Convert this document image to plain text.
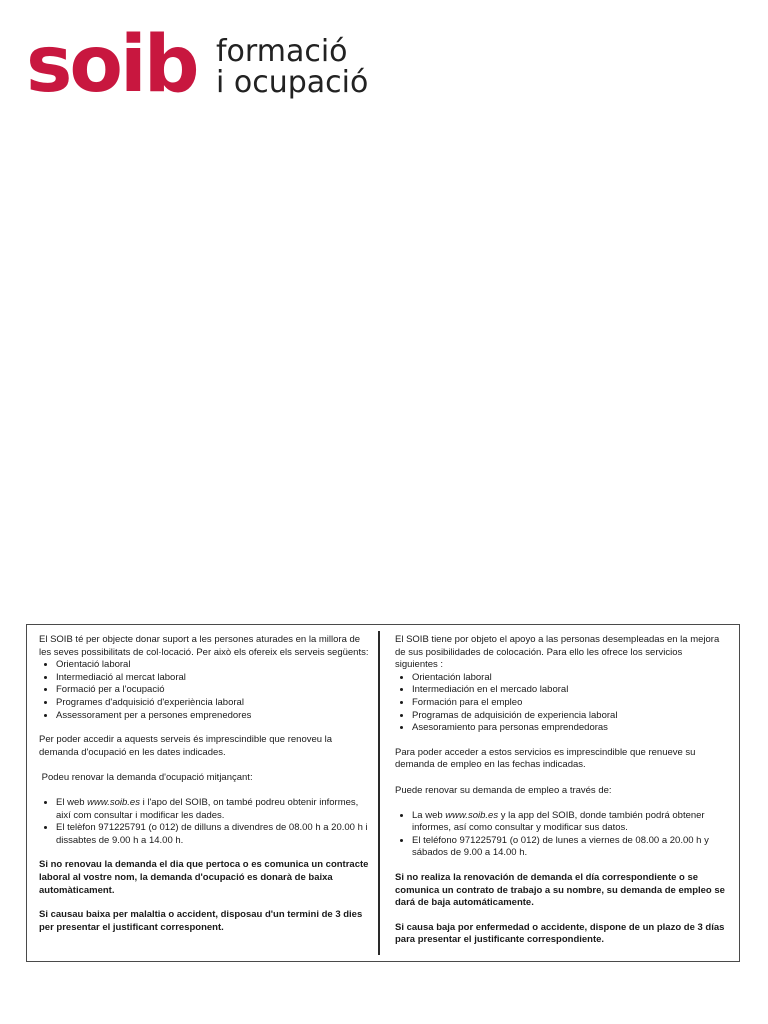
soib formació
i ocupació

El SOIB té per objecte donar suport a les persones aturades en la millora de les seves possibilitats de col·locació. Per això els ofereix els serveis següents:

• Orientació laboral
• Intermediació al mercat laboral
• Formació per a l'ocupació
• Programes d'adquisició d'experiència laboral
• Assessorament per a persones emprenedores

Per poder accedir a aquests serveis és imprescindible que renoveu la demanda d'ocupació en les dates indicades.

Podeu renovar la demanda d'ocupació mitjançant:

• El web www.soib.es i l'apo del SOIB, on també podreu obtenir informes, així com consultar i modificar les dades.
• El telèfon 971225791 (o 012) de dilluns a divendres de 08.00 h a 20.00 h i dissabtes de 9.00 h a 14.00 h.

Si no renovau la demanda el dia que pertoca o es comunica un contracte laboral al vostre nom, la demanda d'ocupació es donarà de baixa automàticament.

Si causau baixa per malaltia o accident, disposau d'un termini de 3 dies per presentar el justificant corresponent.

El SOIB tiene por objeto el apoyo a las personas desempleadas en la mejora de sus posibilidades de colocación. Para ello les ofrece los servicios siguientes :

• Orientación laboral
• Intermediación en el mercado laboral
• Formación para el empleo
• Programas de adquisición de experiencia laboral
• Asesoramiento para personas emprendedoras

Para poder acceder a estos servicios es imprescindible que renueve su demanda de empleo en las fechas indicadas.

Puede renovar su demanda de empleo a través de:

• La web www.soib.es y la app del SOIB, donde también podrá obtener informes, así como consultar y modificar sus datos.
• El teléfono 971225791 (o 012) de lunes a viernes de 08.00 a 20.00 h y sábados de 9.00 a 14.00 h.

Si no realiza la renovación de demanda el día correspondiente o se comunica un contrato de trabajo a su nombre, su demanda de empleo se dará de baja automáticamente.

Si causa baja por enfermedad o accidente, dispone de un plazo de 3 días para presentar el justificante correspondiente.
